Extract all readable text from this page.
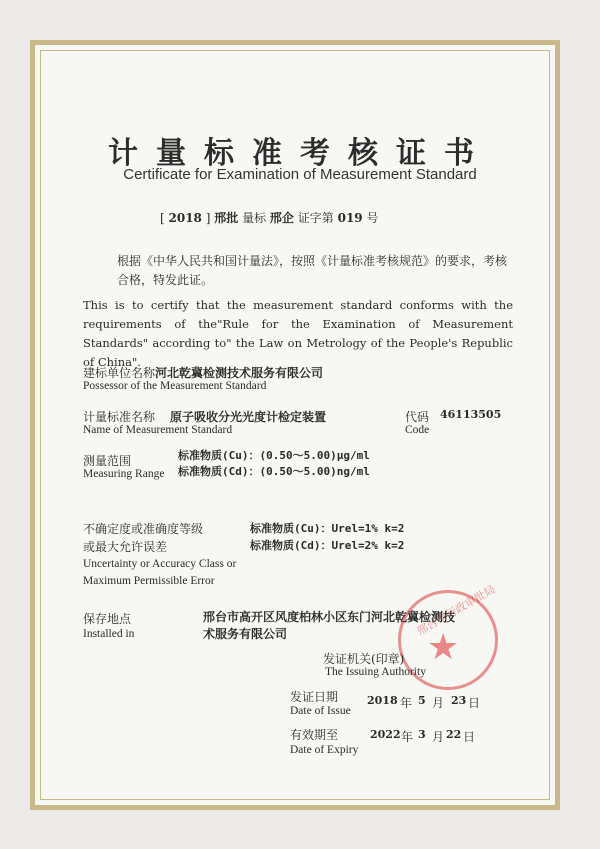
计量标准考核证书
Certificate for Examination of Measurement Standard
[ 2018 ] 邢批 量标 邢企 证字第 019 号
根据《中华人民共和国计量法》，按照《计量标准考核规范》的要求，考核合格，特发此证。
This is to certify that the measurement standard conforms with the requirements of the"Rule for the Examination of Measurement Standards" according to" the Law on Metrology of the People's Republic of China".
建标单位名称 河北乾冀检测技术服务有限公司
Possessor of the Measurement Standard
计量标准名称 原子吸收分光光度计检定装置
Name of Measurement Standard
代码 46113505
Code
测量范围
Measuring Range
标准物质(Cu)：(0.50～5.00)μg/ml
标准物质(Cd)：(0.50～5.00)ng/ml
不确定度或准确度等级
或最大允许误差
Uncertainty or Accuracy Class or
Maximum Permissible Error
标准物质(Cu)：Urel=1% k=2
标准物质(Cd)：Urel=2% k=2
保存地点
Installed in
邢台市高开区风度柏林小区东门河北乾冀检测技
术服务有限公司	邢台市行政审批局
★
发证机关(印章)
The Issuing Authority
发证日期
Date of Issue
2018 年 5 月 23 日
有效期至
Date of Expiry
2022 年 3 月 22 日
